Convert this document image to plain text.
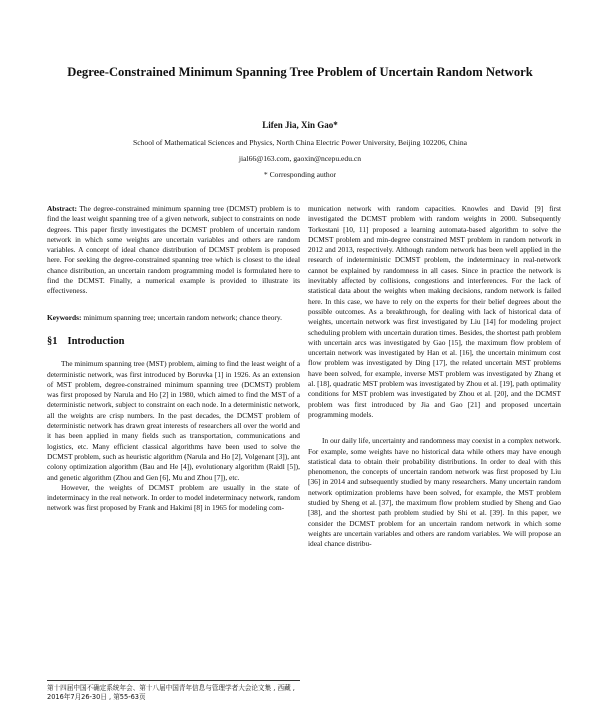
Degree-Constrained Minimum Spanning Tree Problem of Uncertain Random Network
Lifen Jia, Xin Gao*
School of Mathematical Sciences and Physics, North China Electric Power University, Beijing 102206, China
jial66@163.com, gaoxin@ncepu.edu.cn
* Corresponding author

Abstract: The degree-constrained minimum spanning tree (DCMST) problem is to find the least weight spanning tree of a given network, subject to constraints on node degrees. This paper firstly investigates the DCMST problem of uncertain random network in which some weights are uncertain variables and others are random variables. A concept of ideal chance distribution of DCMST problem is proposed here. For seeking the degree-constrained spanning tree which is closest to the ideal chance distribution, an uncertain random programming model is formulated here to find the DCMST. Finally, a numerical example is provided to illustrate its effectiveness.

Keywords: minimum spanning tree; uncertain random network; chance theory.

§1 Introduction

The minimum spanning tree (MST) problem, aiming to find the least weight of a deterministic network, was first introduced by Boruvka [1] in 1926. As an extension of MST problem, degree-constrained minimum spanning tree (DCMST) problem was first proposed by Narula and Ho [2] in 1980, which aimed to find the MST of a deterministic network, subject to constraint on each node. In a deterministic network, all the weights are crisp numbers. In the past decades, the DCMST problem of deterministic network has drawn great interests of researchers all over the world and it has been applied in many fields such as transportation, communications and logistics, etc. Many efficient classical algorithms have been used to solve the DCMST problem, such as heuristic algorithm (Narula and Ho [2], Volgenant [3]), ant colony optimization algorithm (Bau and He [4]), evolutionary algorithm (Raidl [5]), and genetic algorithm (Zhou and Gen [6], Mu and Zhou [7]), etc.

However, the weights of DCMST problem are usually in the state of indeterminacy in the real network. In order to model indeterminacy network, random network was first proposed by Frank and Hakimi [8] in 1965 for modeling com-

munication network with random capacities. Knowles and David [9] first investigated the DCMST problem with random weights in 2000. Subsequently Torkestani [10, 11] proposed a learning automata-based algorithm to solve the DCMST problem and min-degree constrained MST problem in random network in 2012 and 2013, respectively. Although random network has been well applied in the research of indeterministic DCMST problem, the indeterminacy in real-network cannot be explained by randomness in all cases. Since in practice the network is inevitably affected by collisions, congestions and interferences. For the lack of statistical data about the weights when making decisions, random network is failed here. In this case, we have to rely on the experts for their belief degrees about the possible outcomes. As a breakthrough, for dealing with lack of historical data of weights, uncertain network was first investigated by Liu [14] for modeling project scheduling problem with uncertain duration times. Besides, the shortest path problem with uncertain arcs was investigated by Gao [15], the maximum flow problem of uncertain network was investigated by Han et al. [16], the uncertain minimum cost flow problem was investigated by Ding [17], the related uncertain MST problems have been solved, for example, inverse MST problem was investigated by Zhang et al. [18], quadratic MST problem was investigated by Zhou et al. [19], path optimality conditions for MST problem was investigated by Zhou et al. [20], and the DCMST problem was first introduced by Jia and Gao [21] and proposed uncertain programming models.

In our daily life, uncertainty and randomness may coexist in a complex network. For example, some weights have no historical data while others may have enough statistical data to obtain their probability distributions. In order to deal with this phenomenon, the concepts of uncertain random network was first proposed by Liu [36] in 2014 and subsequently studied by many researchers. Many uncertain random network optimization problems have been solved, for example, the MST problem studied by Sheng et al. [37], the maximum flow problem studied by Sheng and Gao [38], and the shortest path problem studied by Shi et al. [39]. In this paper, we consider the DCMST problem for an uncertain random network in which some weights are uncertain variables and others are random variables. We will propose an ideal chance distribu-

第十四届中国不确定系统年会、第十八届中国青年信息与管理学者大会论文集 , 西藏 , 2016年7月26-30日 , 第55-63页
